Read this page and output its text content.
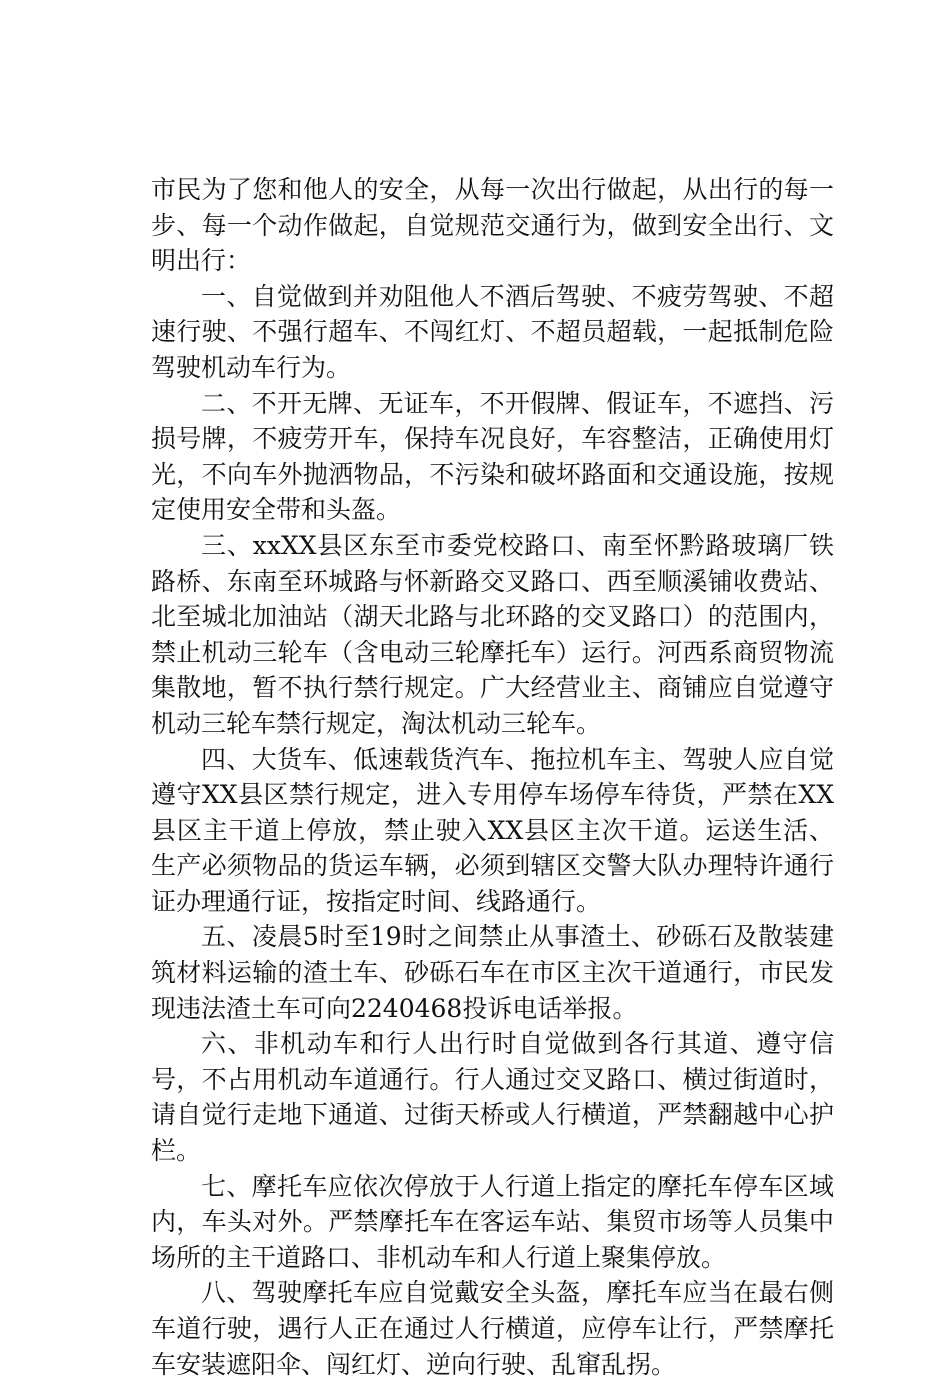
市民为了您和他人的安全，从每一次出行做起，从出行的每一步、每一个动作做起，自觉规范交通行为，做到安全出行、文明出行：

一、自觉做到并劝阻他人不酒后驾驶、不疲劳驾驶、不超速行驶、不强行超车、不闯红灯、不超员超载，一起抵制危险驾驶机动车行为。

二、不开无牌、无证车，不开假牌、假证车，不遮挡、污损号牌，不疲劳开车，保持车况良好，车容整洁，正确使用灯光，不向车外抛洒物品，不污染和破坏路面和交通设施，按规定使用安全带和头盔。

三、xxXX县区东至市委党校路口、南至怀黔路玻璃厂铁路桥、东南至环城路与怀新路交叉路口、西至顺溪铺收费站、北至城北加油站（湖天北路与北环路的交叉路口）的范围内，禁止机动三轮车（含电动三轮摩托车）运行。河西系商贸物流集散地，暂不执行禁行规定。广大经营业主、商铺应自觉遵守机动三轮车禁行规定，淘汰机动三轮车。

四、大货车、低速载货汽车、拖拉机车主、驾驶人应自觉遵守XX县区禁行规定，进入专用停车场停车待货，严禁在XX县区主干道上停放，禁止驶入XX县区主次干道。运送生活、生产必须物品的货运车辆，必须到辖区交警大队办理特许通行证办理通行证，按指定时间、线路通行。

五、凌晨5时至19时之间禁止从事渣土、砂砾石及散装建筑材料运输的渣土车、砂砾石车在市区主次干道通行，市民发现违法渣土车可向2240468投诉电话举报。

六、非机动车和行人出行时自觉做到各行其道、遵守信号，不占用机动车道通行。行人通过交叉路口、横过街道时，请自觉行走地下通道、过街天桥或人行横道，严禁翻越中心护栏。

七、摩托车应依次停放于人行道上指定的摩托车停车区域内，车头对外。严禁摩托车在客运车站、集贸市场等人员集中场所的主干道路口、非机动车和人行道上聚集停放。

八、驾驶摩托车应自觉戴安全头盔，摩托车应当在最右侧车道行驶，遇行人正在通过人行横道，应停车让行，严禁摩托车安装遮阳伞、闯红灯、逆向行驶、乱窜乱拐。
